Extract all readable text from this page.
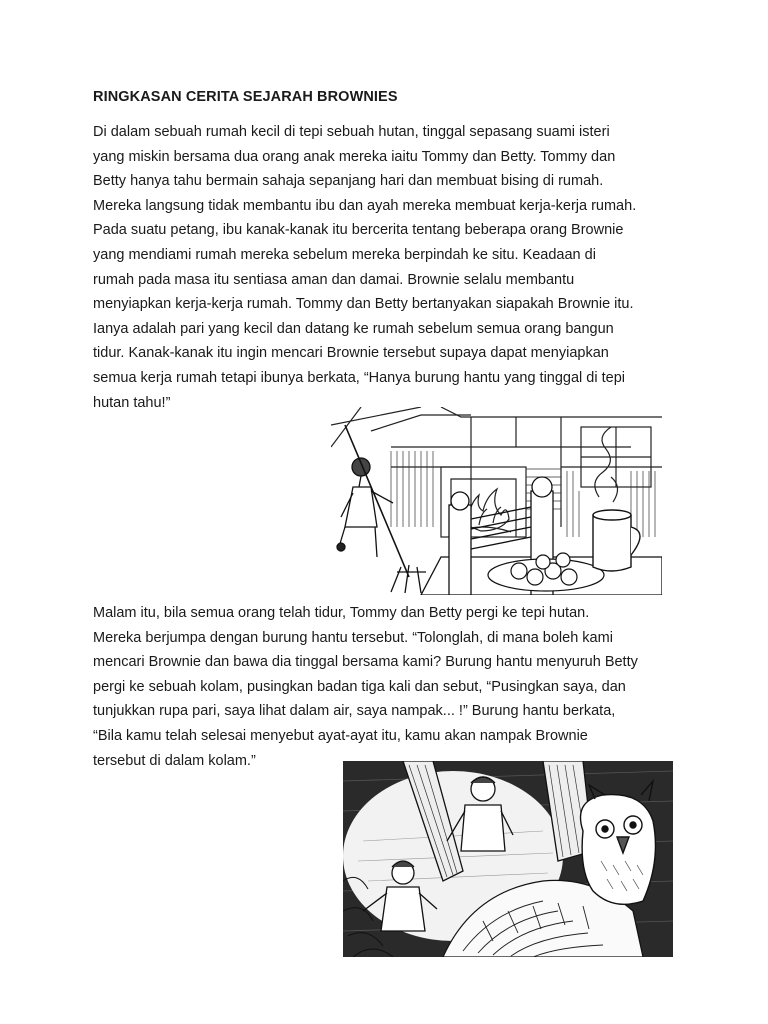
RINGKASAN CERITA SEJARAH BROWNIES

Di dalam sebuah rumah kecil di tepi sebuah hutan, tinggal sepasang suami isteri
yang miskin bersama dua orang anak mereka iaitu Tommy dan Betty. Tommy dan
Betty hanya tahu bermain sahaja sepanjang hari dan membuat bising di rumah.
Mereka langsung tidak membantu ibu dan ayah mereka membuat kerja-kerja rumah.
Pada suatu petang, ibu kanak-kanak itu bercerita tentang beberapa orang Brownie
yang mendiami rumah mereka sebelum mereka berpindah ke situ. Keadaan di
rumah pada masa itu sentiasa aman dan damai. Brownie selalu membantu
menyiapkan kerja-kerja rumah. Tommy dan Betty bertanyakan siapakah Brownie itu.
Ianya adalah pari yang kecil dan datang ke rumah sebelum semua orang bangun
tidur. Kanak-kanak itu ingin mencari Brownie tersebut supaya dapat menyiapkan
semua kerja rumah tetapi ibunya berkata, “Hanya burung hantu yang tinggal di tepi
hutan tahu!”

Malam itu, bila semua orang telah tidur, Tommy dan Betty pergi ke tepi hutan.
Mereka berjumpa dengan burung hantu tersebut. “Tolonglah, di mana boleh kami
mencari Brownie dan bawa dia tinggal bersama kami? Burung hantu menyuruh Betty
pergi ke sebuah kolam, pusingkan badan tiga kali dan sebut, “Pusingkan saya, dan
tunjukkan rupa pari, saya lihat dalam air, saya nampak... !” Burung hantu berkata,
“Bila kamu telah selesai menyebut ayat-ayat itu, kamu akan nampak Brownie
tersebut di dalam kolam.”
